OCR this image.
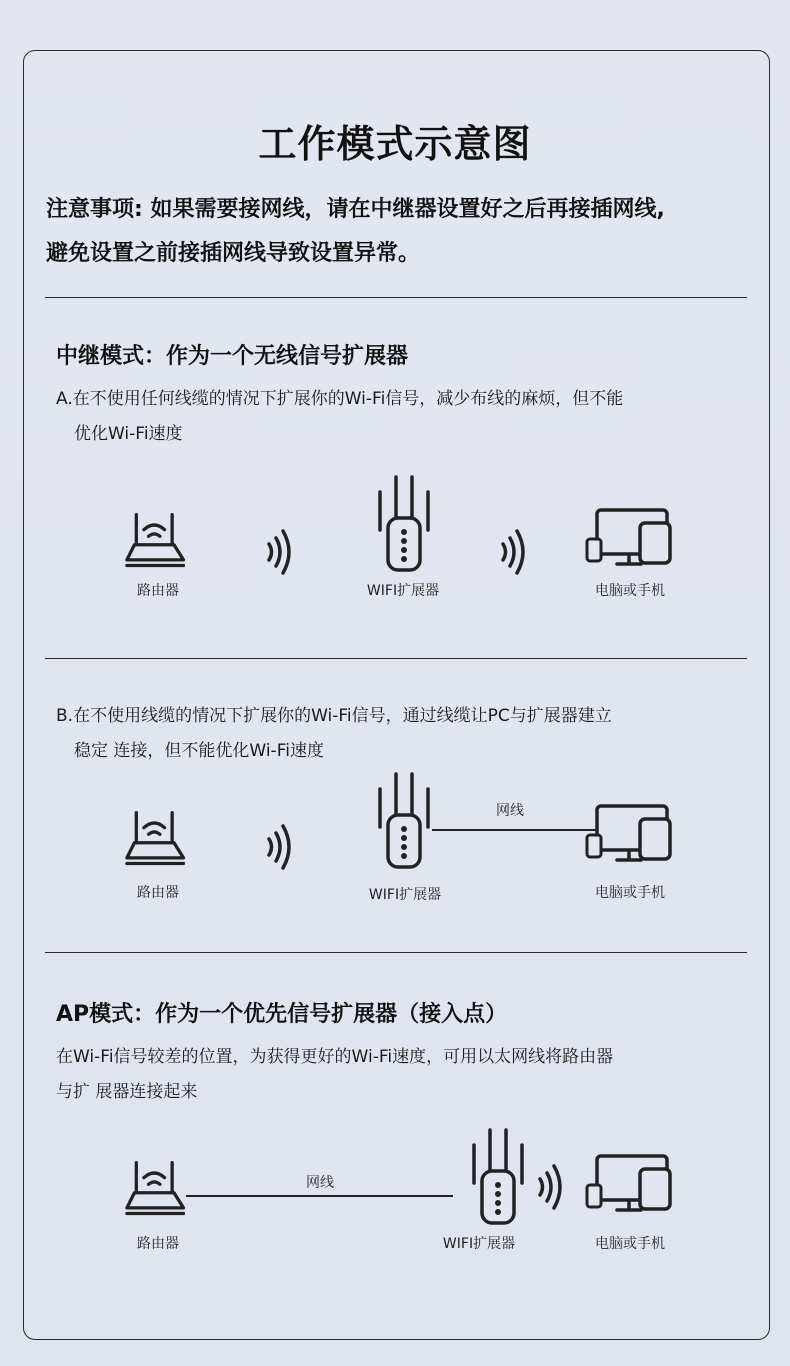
工作模式示意图
注意事项: 如果需要接网线，请在中继器设置好之后再接插网线,
避免设置之前接插网线导致设置异常。
中继模式：作为一个无线信号扩展器
A.在不使用任何线缆的情况下扩展你的Wi-Fi信号，减少布线的麻烦，但不能
优化Wi-Fi速度
路由器	WIFI扩展器	电脑或手机
B.在不使用线缆的情况下扩展你的Wi-Fi信号，通过线缆让PC与扩展器建立
稳定 连接，但不能优化Wi-Fi速度
路由器	WIFI扩展器
网线
电脑或手机
AP模式：作为一个优先信号扩展器（接入点）
在Wi-Fi信号较差的位置，为获得更好的Wi-Fi速度，可用以太网线将路由器
与扩 展器连接起来
路由器
网线
WIFI扩展器	电脑或手机
